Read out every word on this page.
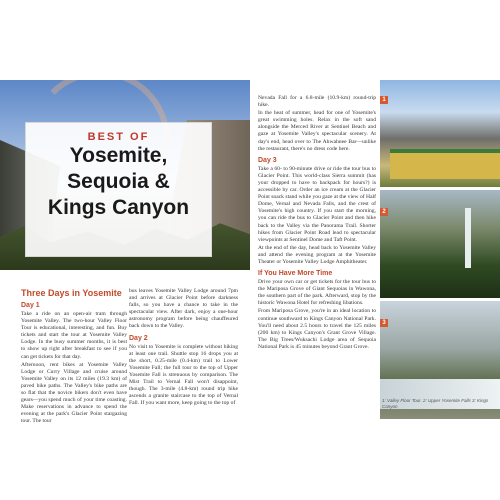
BEST OF
Yosemite,
Sequoia &
Kings Canyon
Three Days in Yosemite
Day 1

Take a ride on an open-air tram through Yosemite Valley. The two-hour Valley Floor Tour is educational, interesting, and fun. Buy tickets and start the tour at Yosemite Valley Lodge. In the busy summer months, it is best to show up right after breakfast to see if you can get tickets for that day.

Afternoon, rent bikes at Yosemite Valley Lodge or Curry Village and cruise around Yosemite Valley on its 12 miles (19.3 km) of paved bike paths. The Valley's bike paths are so flat that the novice bikers don't even have gears—you spend much of your time coasting. Make reservations in advance to spend the evening at the park's Glacier Point stargazing tour. The tour

bus leaves Yosemite Valley Lodge around 7pm and arrives at Glacier Point before darkness falls, so you have a chance to take in the spectacular view. After dark, enjoy a one-hour astronomy program before being chauffeured back down to the Valley.

Day 2

No visit to Yosemite is complete without hiking at least one trail. Shuttle stop 16 drops you at the short, 0.25-mile (0.4-km) trail to Lower Yosemite Fall; the full tour to the top of Upper Yosemite Fall is strenuous by comparison. The Mist Trail to Vernal Fall won't disappoint, though. The 3-mile (4.8-km) round trip hike ascends a granite staircase to the top of Vernal Fall. If you want more, keep going to the top of

Nevada Fall for a 6.8-mile (10.9-km) round-trip hike.

In the heat of summer, head for one of Yosemite's great swimming holes. Relax in the soft sand alongside the Merced River at Sentinel Beach and gaze at Yosemite Valley's spectacular scenery. At day's end, head over to The Ahwahnee Bar—unlike the restaurant, there's no dress code here.

Day 3

Take a 60- to 90-minute drive or ride the tour bus to Glacier Point. This world-class Sierra summit (has your dropped to have to backpack for hours?) is accessible by car. Order an ice cream at the Glacier Point snack stand while you gaze at the view of Half Dome, Vernal and Nevada Falls, and the crest of Yosemite's high country. If you start the morning, you can ride the bus to Glacier Point and then hike back to the Valley via the Panorama Trail. Shorter hikes from Glacier Point Road lead to spectacular viewpoints at Sentinel Dome and Taft Point.

At the end of the day, head back to Yosemite Valley and attend the evening program at the Yosemite Theater or Yosemite Valley Lodge Amphitheater.

If You Have More Time

Drive your own car or get tickets for the tour bus to the Mariposa Grove of Giant Sequoias in Wawona, the southern part of the park. Afterward, stop by the historic Wawona Hotel for refreshing libations.

From Mariposa Grove, you're in an ideal location to continue southward to Kings Canyon National Park. You'll need about 2.5 hours to travel the 125 miles (200 km) to Kings Canyon's Grant Grove Village. The Big Trees/Wuksachi Lodge area of Sequoia National Park is 45 minutes beyond Grant Grove.

1
2
3
1: Valley Floor Tour. 2: Upper Yosemite Falls 3: Kings Canyon
